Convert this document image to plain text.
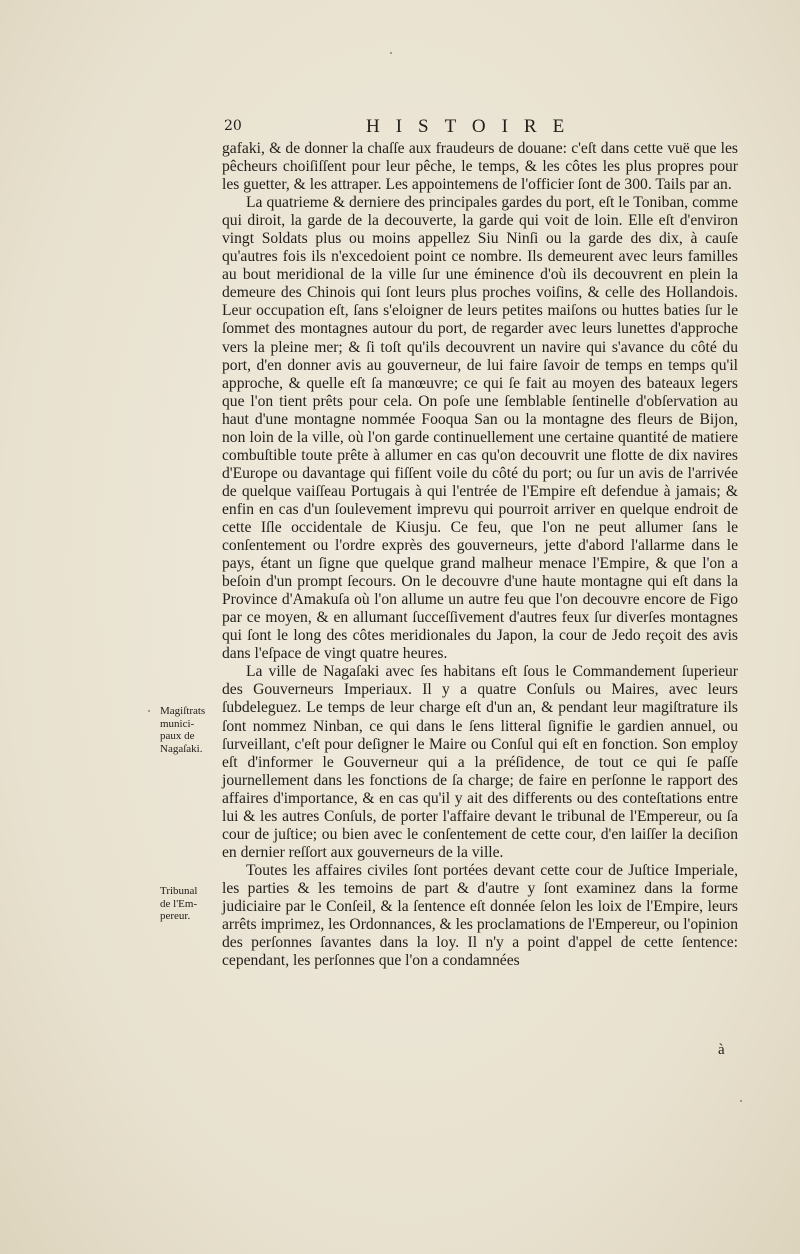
20	HISTOIRE

gafaki, & de donner la chaſſe aux fraudeurs de douane: c'eſt dans cette vuë que les pêcheurs choiſiſſent pour leur pêche, le temps, & les côtes les plus propres pour les guetter, & les attraper. Les appointemens de l'officier ſont de 300. Tails par an.

La quatrieme & derniere des principales gardes du port, eſt le Toniban, comme qui diroit, la garde de la decouverte, la garde qui voit de loin. Elle eſt d'environ vingt Soldats plus ou moins appellez Siu Ninſi ou la garde des dix, à cauſe qu'autres fois ils n'excedoient point ce nombre. Ils demeurent avec leurs familles au bout meridional de la ville ſur une éminence d'où ils decouvrent en plein la demeure des Chinois qui ſont leurs plus proches voiſins, & celle des Hollandois. Leur occupation eſt, ſans s'eloigner de leurs petites maiſons ou huttes baties ſur le ſommet des montagnes autour du port, de regarder avec leurs lunettes d'approche vers la pleine mer; & ſi toſt qu'ils decouvrent un navire qui s'avance du côté du port, d'en donner avis au gouverneur, de lui faire ſavoir de temps en temps qu'il approche, & quelle eſt ſa manœuvre; ce qui ſe fait au moyen des bateaux legers que l'on tient prêts pour cela. On poſe une ſemblable ſentinelle d'obſervation au haut d'une montagne nommée Fooqua San ou la montagne des fleurs de Bijon, non loin de la ville, où l'on garde continuellement une certaine quantité de matiere combuſtible toute prête à allumer en cas qu'on decouvrit une flotte de dix navires d'Europe ou davantage qui fiſſent voile du côté du port; ou ſur un avis de l'arrivée de quelque vaiſſeau Portugais à qui l'entrée de l'Empire eſt defendue à jamais; & enfin en cas d'un ſoulevement imprevu qui pourroit arriver en quelque endroit de cette Iſle occidentale de Kiusju. Ce feu, que l'on ne peut allumer ſans le conſentement ou l'ordre exprès des gouverneurs, jette d'abord l'allarme dans le pays, étant un ſigne que quelque grand malheur menace l'Empire, & que l'on a beſoin d'un prompt ſecours. On le decouvre d'une haute montagne qui eſt dans la Province d'Amakuſa où l'on allume un autre feu que l'on decouvre encore de Figo par ce moyen, & en allumant ſucceſſivement d'autres feux ſur diverſes montagnes qui ſont le long des côtes meridionales du Japon, la cour de Jedo reçoit des avis dans l'eſpace de vingt quatre heures.

La ville de Nagaſaki avec ſes habitans eſt ſous le Commandement ſuperieur des Gouverneurs Imperiaux. Il y a quatre Conſuls ou Maires, avec leurs ſubdeleguez. Le temps de leur charge eſt d'un an, & pendant leur magiſtrature ils ſont nommez Ninban, ce qui dans le ſens litteral ſignifie le gardien annuel, ou ſurveillant, c'eſt pour deſigner le Maire ou Conſul qui eſt en fonction. Son employ eſt d'informer le Gouverneur qui a la préſidence, de tout ce qui ſe paſſe journellement dans les fonctions de ſa charge; de faire en perſonne le rapport des affaires d'importance, & en cas qu'il y ait des differents ou des conteſtations entre lui & les autres Conſuls, de porter l'affaire devant le tribunal de l'Empereur, ou ſa cour de juſtice; ou bien avec le conſentement de cette cour, d'en laiſſer la deciſion en dernier reſſort aux gouverneurs de la ville.

Toutes les affaires civiles ſont portées devant cette cour de Juſtice Imperiale, les parties & les temoins de part & d'autre y ſont examinez dans la forme judiciaire par le Conſeil, & la ſentence eſt donnée ſelon les loix de l'Empire, leurs arrêts imprimez, les Ordonnances, & les proclamations de l'Empereur, ou l'opinion des perſonnes ſavantes dans la loy. Il n'y a point d'appel de cette ſentence: cependant, les perſonnes que l'on a condamnées

à
Magiſtrats
munici-
paux de
Nagaſaki.
Tribunal
de l'Em-
pereur.
